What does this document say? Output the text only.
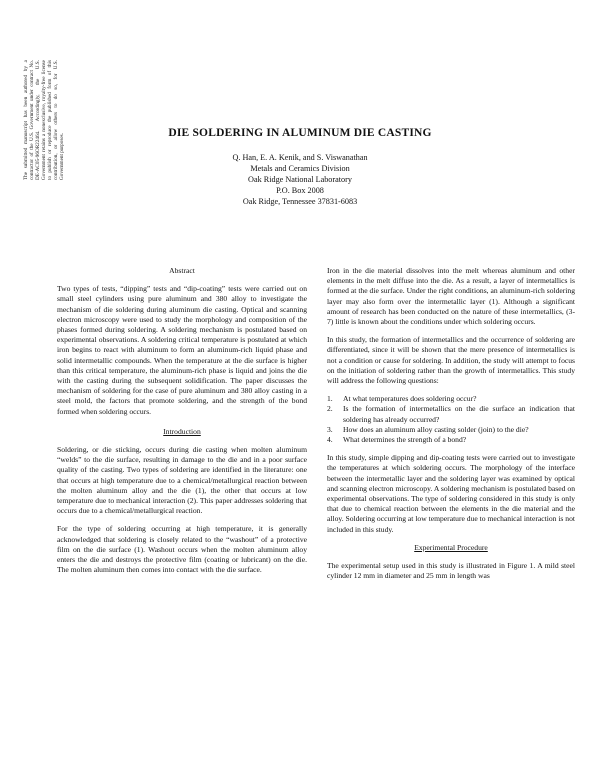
The submitted manuscript has been authored by a contractor of the U.S. Government under contract No. DE-AC05-96OR22464. Accordingly, the U.S. Government retains a nonexclusive, royalty-free license to publish or reproduce the published form of this contribution, or allow others to do so, for U.S. Government purposes.
DIE SOLDERING IN ALUMINUM DIE CASTING
Q. Han, E. A. Kenik, and S. Viswanathan
Metals and Ceramics Division
Oak Ridge National Laboratory
P.O. Box 2008
Oak Ridge, Tennessee 37831-6083

Abstract

Two types of tests, “dipping” tests and “dip-coating” tests were carried out on small steel cylinders using pure aluminum and 380 alloy to investigate the mechanism of die soldering during aluminum die casting. Optical and scanning electron microscopy were used to study the morphology and composition of the phases formed during soldering. A soldering mechanism is postulated based on experimental observations. A soldering critical temperature is postulated at which iron begins to react with aluminum to form an aluminum-rich liquid phase and solid intermetallic compounds. When the temperature at the die surface is higher than this critical temperature, the aluminum-rich phase is liquid and joins the die with the casting during the subsequent solidification. The paper discusses the mechanism of soldering for the case of pure aluminum and 380 alloy casting in a steel mold, the factors that promote soldering, and the strength of the bond formed when soldering occurs.

Introduction

Soldering, or die sticking, occurs during die casting when molten aluminum “welds” to the die surface, resulting in damage to the die and in a poor surface quality of the casting. Two types of soldering are identified in the literature: one that occurs at high temperature due to a chemical/metallurgical reaction between the molten aluminum alloy and the die (1), the other that occurs at low temperature due to mechanical interaction (2). This paper addresses soldering that occurs due to a chemical/metallurgical reaction.

For the type of soldering occurring at high temperature, it is generally acknowledged that soldering is closely related to the “washout” of a protective film on the die surface (1). Washout occurs when the molten aluminum alloy enters the die and destroys the protective film (coating or lubricant) on the die. The molten aluminum then comes into contact with the die surface.

Iron in the die material dissolves into the melt whereas aluminum and other elements in the melt diffuse into the die. As a result, a layer of intermetallics is formed at the die surface. Under the right conditions, an aluminum-rich soldering layer may also form over the intermetallic layer (1). Although a significant amount of research has been conducted on the nature of these intermetallics, (3-7) little is known about the conditions under which soldering occurs.

In this study, the formation of intermetallics and the occurrence of soldering are differentiated, since it will be shown that the mere presence of intermetallics is not a condition or cause for soldering. In addition, the study will attempt to focus on the initiation of soldering rather than the growth of intermetallics. This study will address the following questions:

1.	At what temperatures does soldering occur?
2.	Is the formation of intermetallics on the die surface an indication that soldering has already occurred?
3.	How does an aluminum alloy casting solder (join) to the die?
4.	What determines the strength of a bond?

In this study, simple dipping and dip-coating tests were carried out to investigate the temperatures at which soldering occurs. The morphology of the interface between the intermetallic layer and the soldering layer was examined by optical and scanning electron microscopy. A soldering mechanism is postulated based on experimental observations. The type of soldering considered in this study is only that due to chemical reaction between the elements in the die material and the alloy. Soldering occurring at low temperature due to mechanical interaction is not included in this study.

Experimental Procedure

The experimental setup used in this study is illustrated in Figure 1. A mild steel cylinder 12 mm in diameter and 25 mm in length was
